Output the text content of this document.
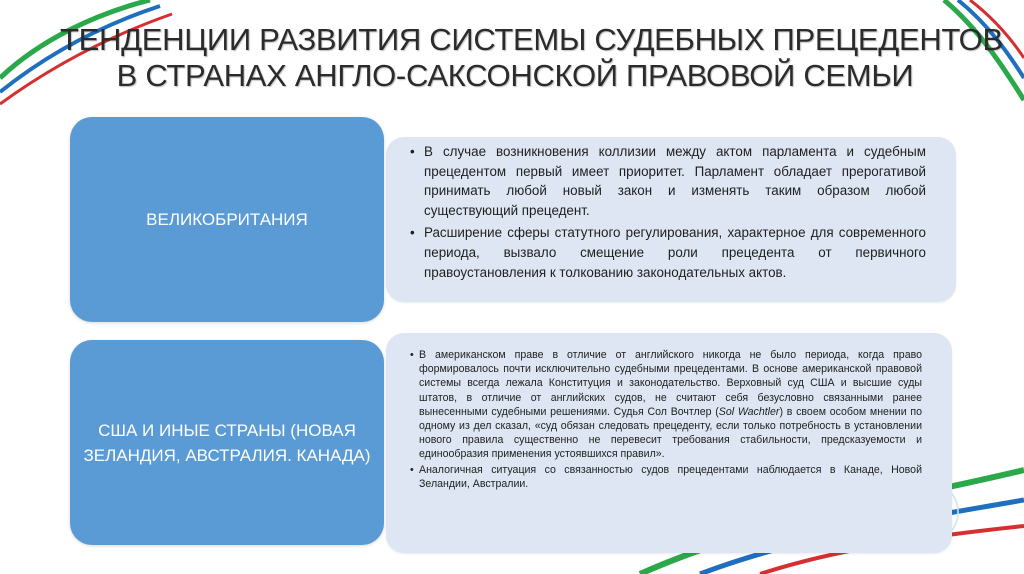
ТЕНДЕНЦИИ РАЗВИТИЯ СИСТЕМЫ СУДЕБНЫХ ПРЕЦЕДЕНТОВ
В СТРАНАХ АНГЛО-САКСОНСКОЙ ПРАВОВОЙ СЕМЬИ
• В случае возникновения коллизии между актом парламента и судебным прецедентом первый имеет приоритет. Парламент обладает прерогативой принимать любой новый закон и изменять таким образом любой существующий прецедент.
• Расширение сферы статутного регулирования, характерное для современного периода, вызвало смещение роли прецедента от первичного правоустановления к толкованию законодательных актов.
ВЕЛИКОБРИТАНИЯ
• В американском праве в отличие от английского никогда не было периода, когда право формировалось почти исключительно судебными прецедентами. В основе американской правовой системы всегда лежала Конституция и законодательство. Верховный суд США и высшие суды штатов, в отличие от английских судов, не считают себя безусловно связанными ранее вынесенными судебными решениями. Судья Сол Вочтлер (Sol Wachtler) в своем особом мнении по одному из дел сказал, «суд обязан следовать прецеденту, если только потребность в установлении нового правила существенно не перевесит требования стабильности, предсказуемости и единообразия применения устоявшихся правил».
• Аналогичная ситуация со связанностью судов прецедентами наблюдается в Канаде, Новой Зеландии, Австралии.
США И ИНЫЕ СТРАНЫ (НОВАЯ ЗЕЛАНДИЯ, АВСТРАЛИЯ. КАНАДА)
